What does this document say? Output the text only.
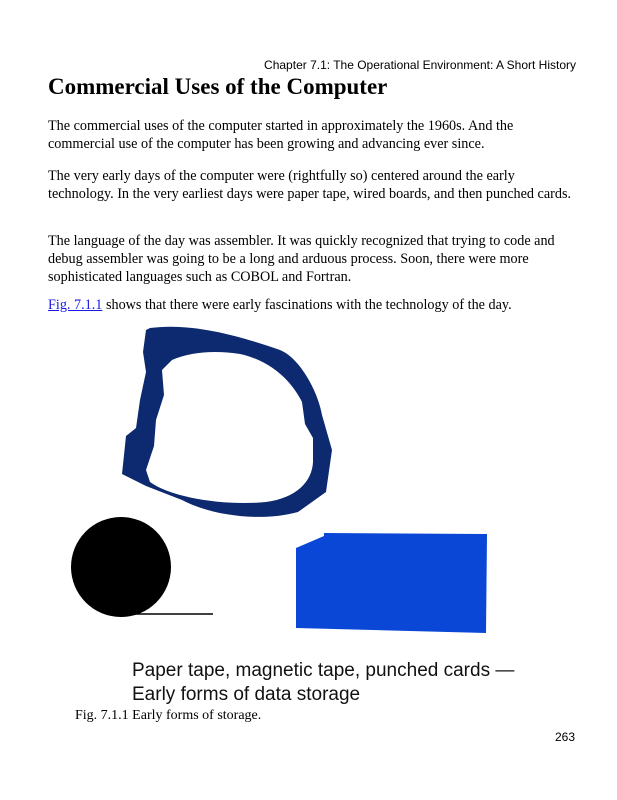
Chapter 7.1: The Operational Environment: A Short History
Commercial Uses of the Computer

The commercial uses of the computer started in approximately the 1960s. And the commercial use of the computer has been growing and advancing ever since.

The very early days of the computer were (rightfully so) centered around the early technology. In the very earliest days were paper tape, wired boards, and then punched cards.

The language of the day was assembler. It was quickly recognized that trying to code and debug assembler was going to be a long and arduous process. Soon, there were more sophisticated languages such as COBOL and Fortran.

Fig. 7.1.1 shows that there were early fascinations with the technology of the day.

Paper tape, magnetic tape, punched cards —
Early forms of data storage
Fig. 7.1.1 Early forms of storage.
263
